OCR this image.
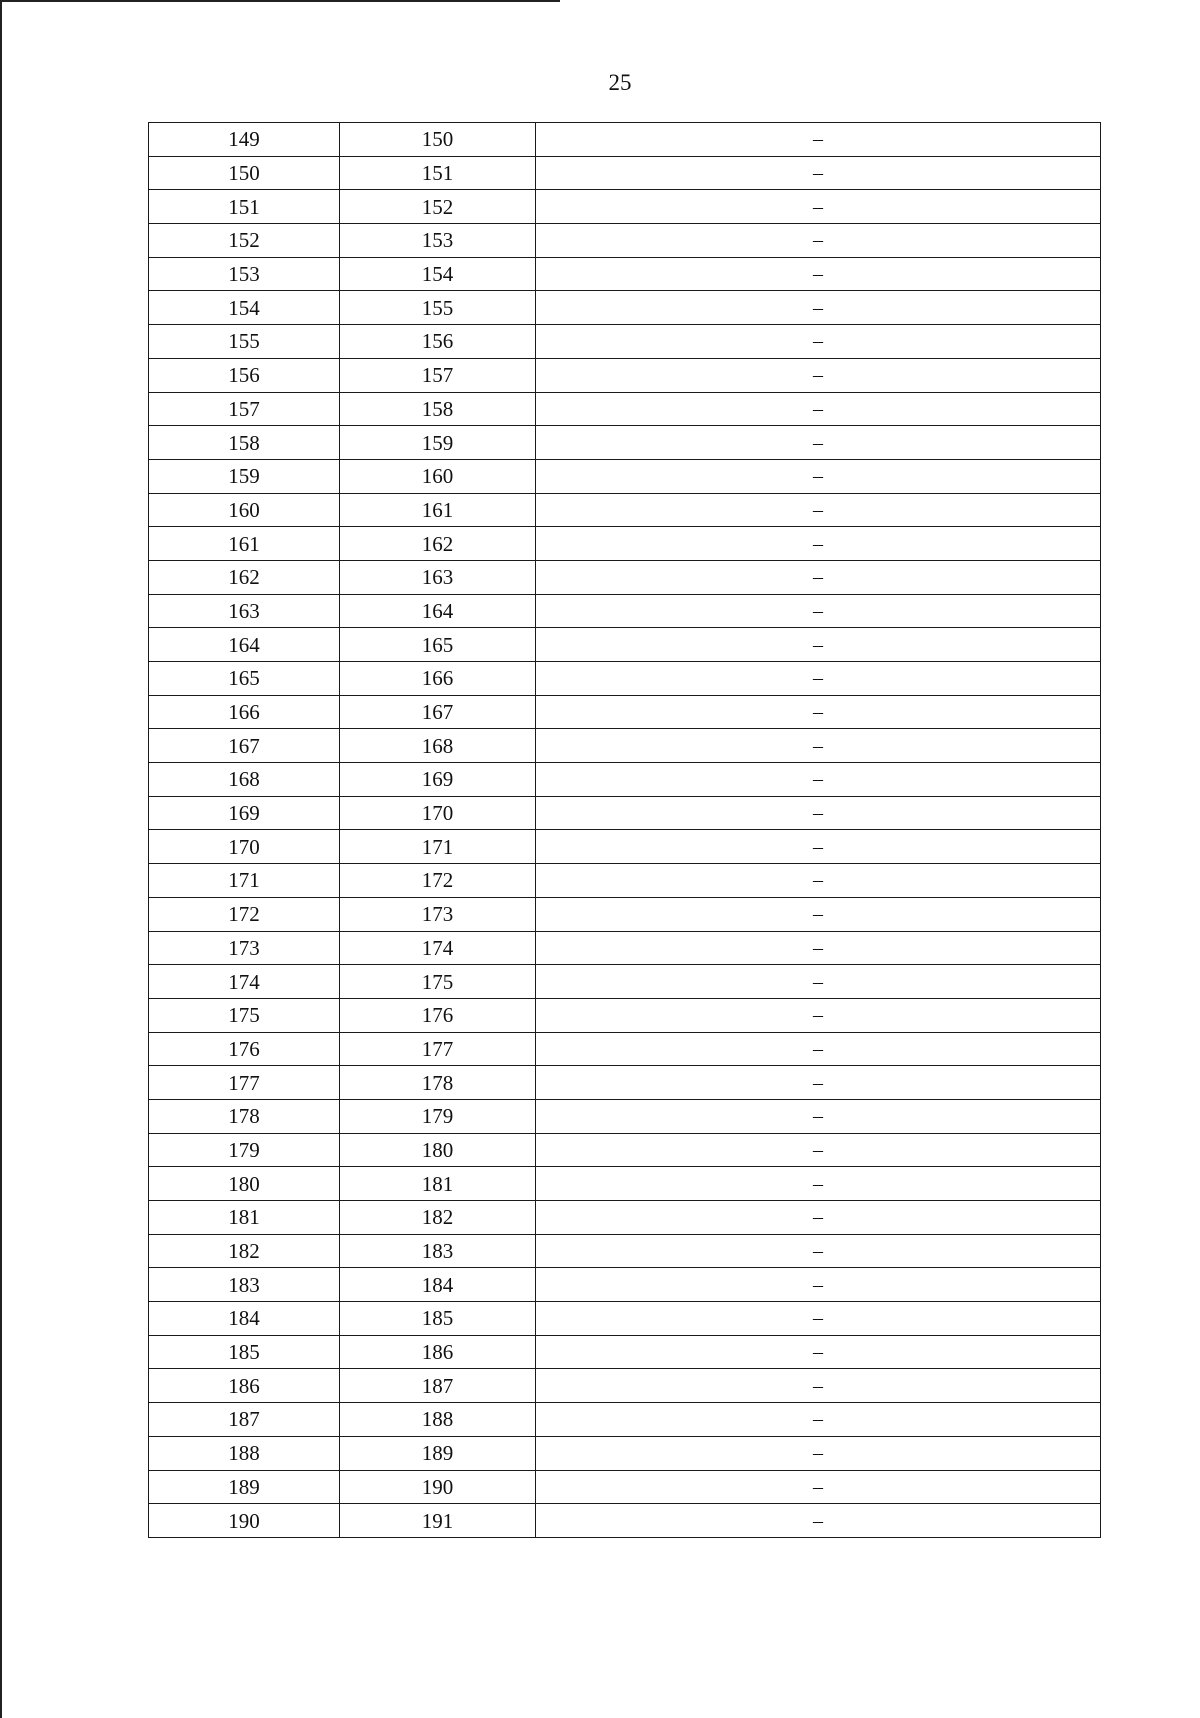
25
149	150	–
150	151	–
151	152	–
152	153	–
153	154	–
154	155	–
155	156	–
156	157	–
157	158	–
158	159	–
159	160	–
160	161	–
161	162	–
162	163	–
163	164	–
164	165	–
165	166	–
166	167	–
167	168	–
168	169	–
169	170	–
170	171	–
171	172	–
172	173	–
173	174	–
174	175	–
175	176	–
176	177	–
177	178	–
178	179	–
179	180	–
180	181	–
181	182	–
182	183	–
183	184	–
184	185	–
185	186	–
186	187	–
187	188	–
188	189	–
189	190	–
190	191	–
